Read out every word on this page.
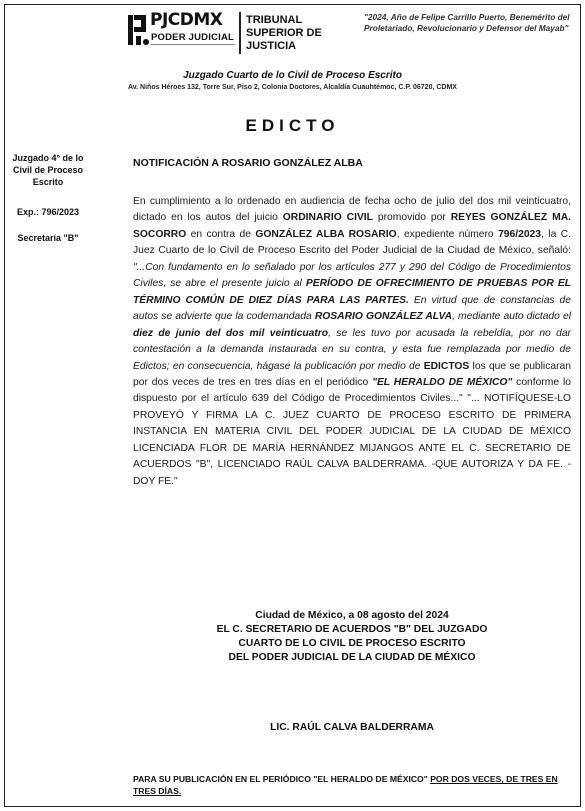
PJCDMX
PODER JUDICIAL
TRIBUNAL
SUPERIOR DE
JUSTICIA
"2024, Año de Felipe Carrillo Puerto, Benemérito del Proletariado, Revolucionario y Defensor del Mayab"
Juzgado Cuarto de lo Civil de Proceso Escrito
Av. Niños Héroes 132, Torre Sur, Piso 2, Colonia Doctores, Alcaldía Cuauhtémoc, C.P. 06720, CDMX
EDICTO
Juzgado 4° de lo Civil de Proceso Escrito
Exp.: 796/2023
Secretaría "B"
NOTIFICACIÓN A ROSARIO GONZÁLEZ ALBA
En cumplimiento a lo ordenado en audiencia de fecha ocho de julio del dos mil veinticuatro, dictado en los autos del juicio ORDINARIO CIVIL promovido por REYES GONZÁLEZ MA. SOCORRO en contra de GONZÁLEZ ALBA ROSARIO, expediente número 796/2023, la C. Juez Cuarto de lo Civil de Proceso Escrito del Poder Judicial de la Ciudad de México, señaló: "...Con fundamento en lo señalado por los artículos 277 y 290 del Código de Procedimientos Civiles, se abre el presente juicio al PERÍODO DE OFRECIMIENTO DE PRUEBAS POR EL TÉRMINO COMÚN DE DIEZ DÍAS PARA LAS PARTES. En virtud que de constancias de autos se advierte que la codemandada ROSARIO GONZÁLEZ ALVA, mediante auto dictado el diez de junio del dos mil veinticuatro, se les tuvo por acusada la rebeldía, por no dar contestación a la demanda instaurada en su contra, y esta fue remplazada por medio de Edictos; en consecuencia, hágase la publicación por medio de EDICTOS los que se publicaran por dos veces de tres en tres días en el periódico "EL HERALDO DE MÉXICO" conforme lo dispuesto por el artículo 639 del Código de Procedimientos Civiles..." "... NOTIFÍQUESE-LO PROVEYÓ Y FIRMA LA C. JUEZ CUARTO DE PROCESO ESCRITO DE PRIMERA INSTANCIA EN MATERIA CIVIL DEL PODER JUDICIAL DE LA CIUDAD DE MÉXICO LICENCIADA FLOR DE MARÍA HERNÁNDEZ MIJANGOS ANTE EL C. SECRETARIO DE ACUERDOS "B", LICENCIADO RAÚL CALVA BALDERRAMA. -QUE AUTORIZA Y DA FE. - DOY FE."
Ciudad de México, a 08 agosto del 2024
EL C. SECRETARIO DE ACUERDOS "B" DEL JUZGADO
CUARTO DE LO CIVIL DE PROCESO ESCRITO
DEL PODER JUDICIAL DE LA CIUDAD DE MÉXICO
LIC. RAÚL CALVA BALDERRAMA
PARA SU PUBLICACIÓN EN EL PERIÓDICO "EL HERALDO DE MÉXICO" POR DOS VECES, DE TRES EN TRES DÍAS.
